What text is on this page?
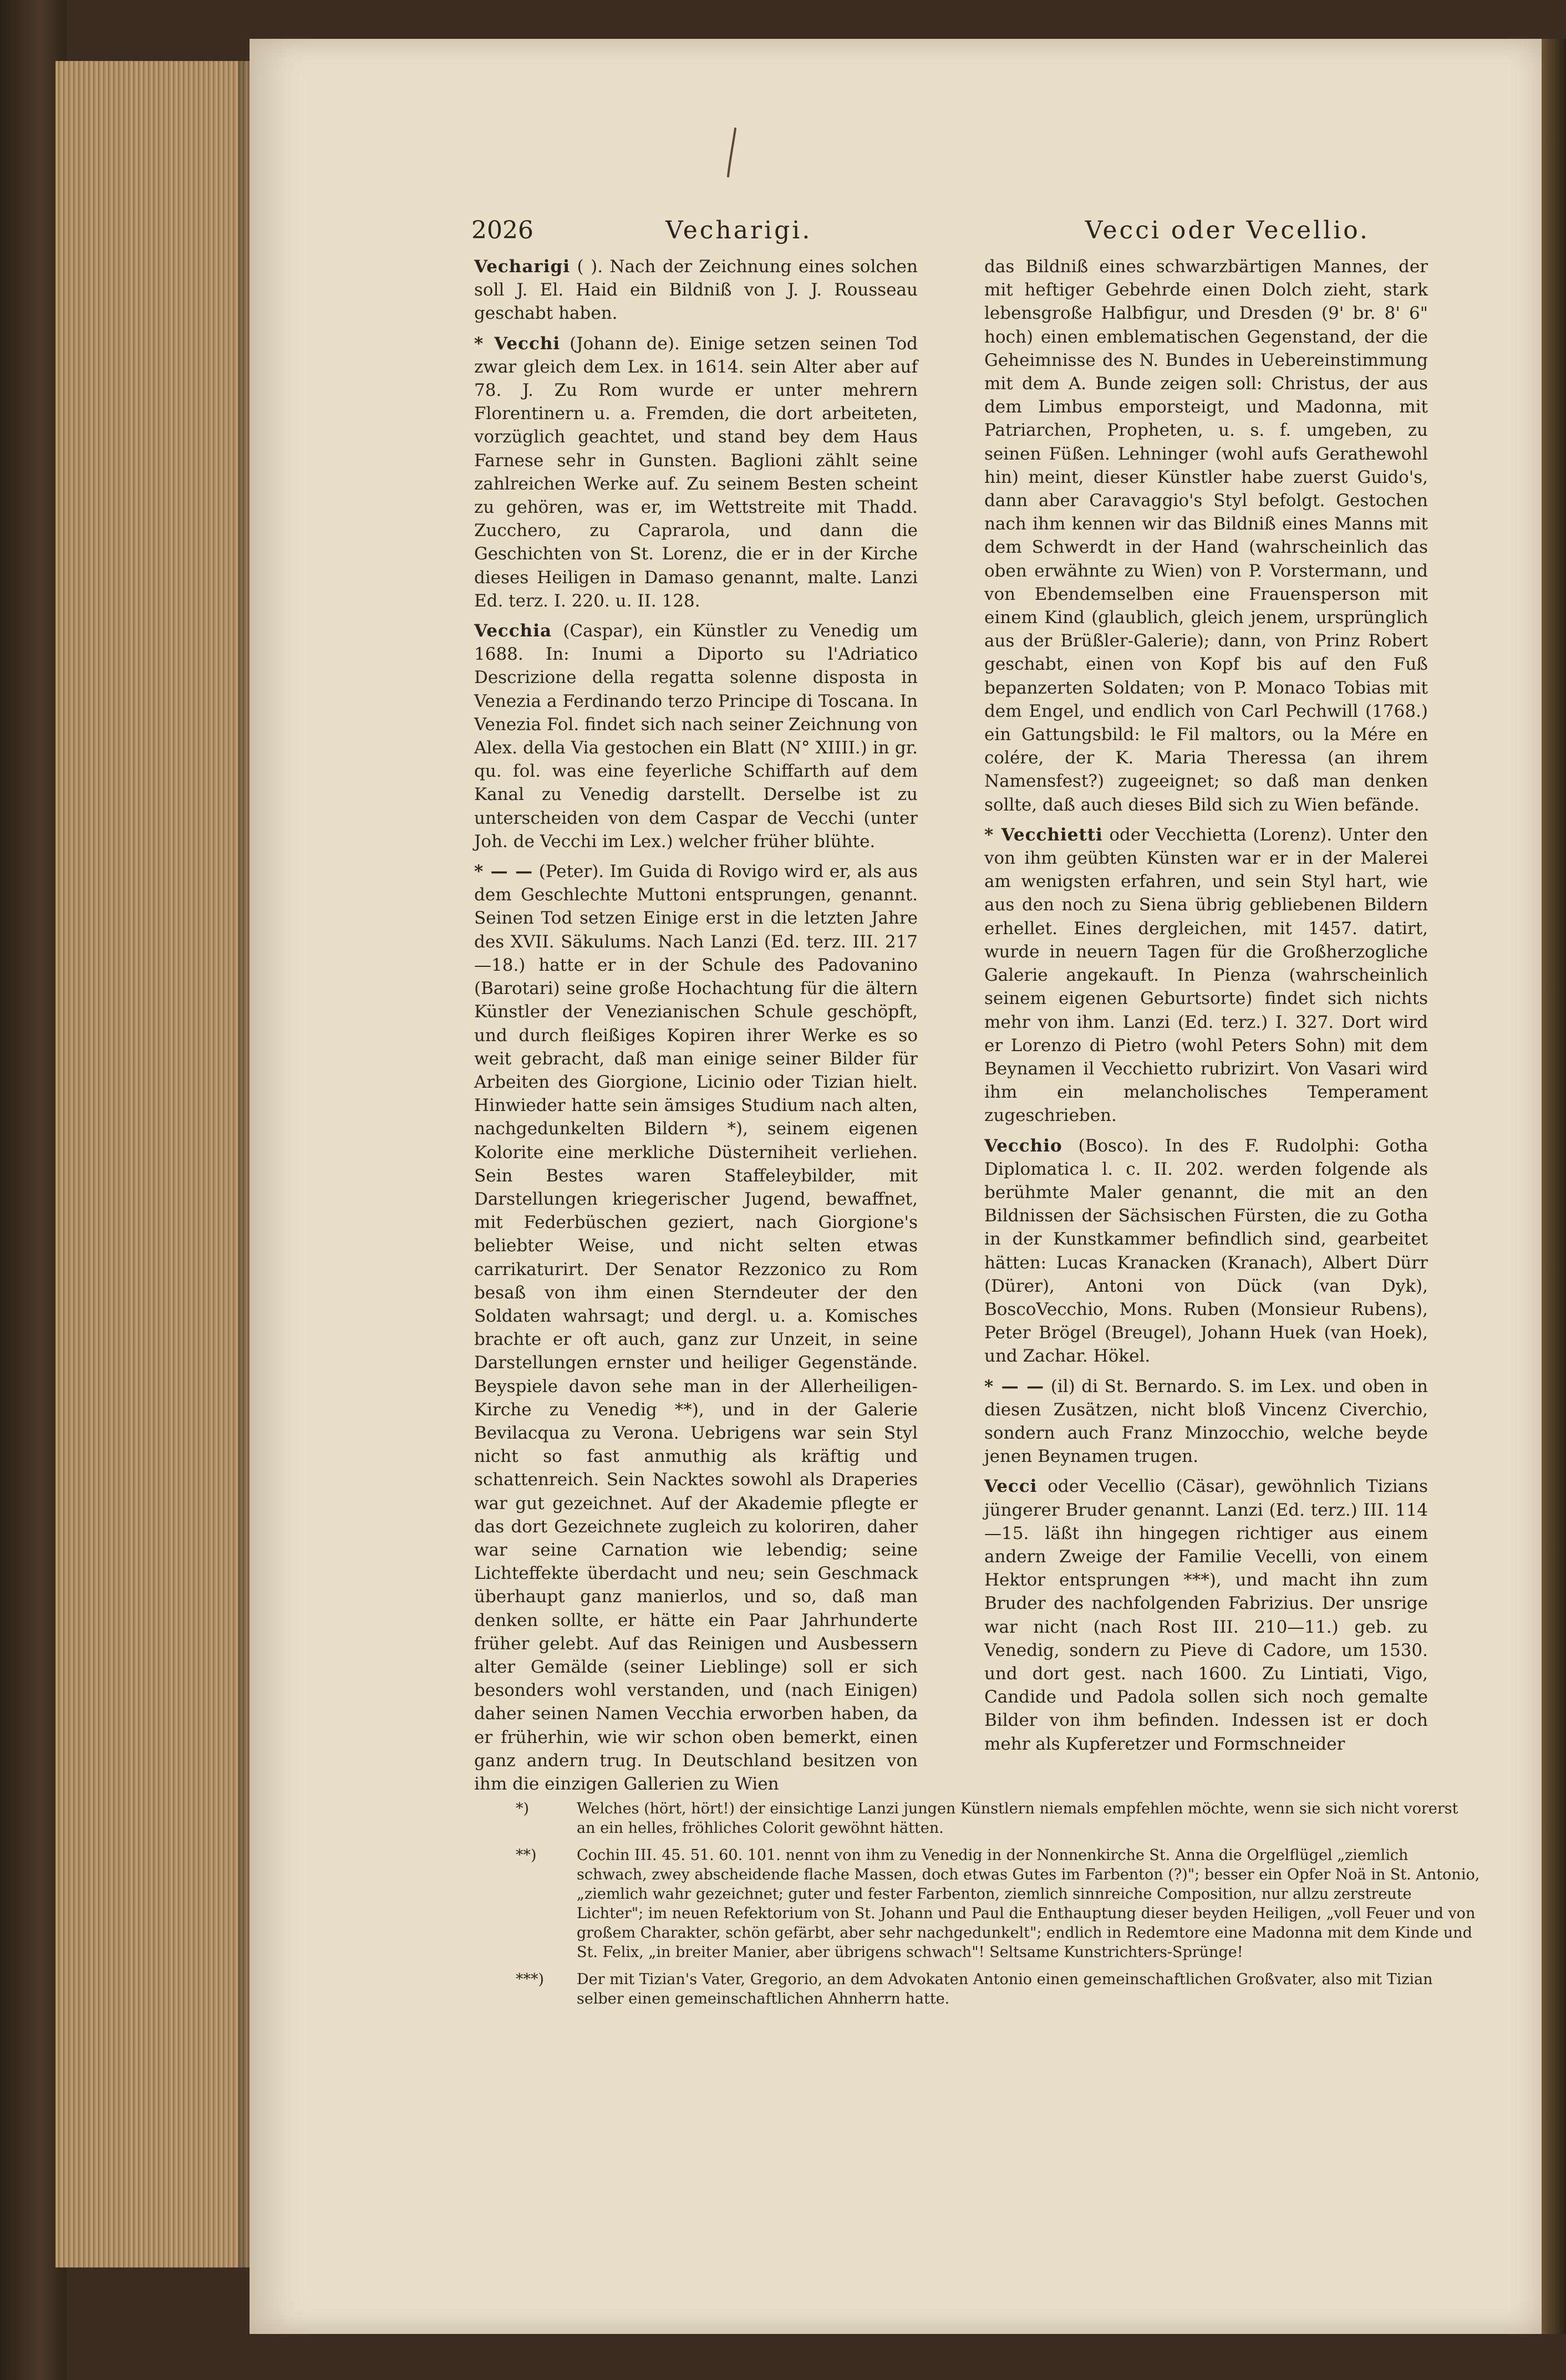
2026	Vecharigi.	Vecci oder Vecellio.

Vecharigi ( ). Nach der Zeichnung eines solchen soll J. El. Haid ein Bildniß von J. J. Rousseau geschabt haben.

* Vecchi (Johann de). Einige setzen seinen Tod zwar gleich dem Lex. in 1614. sein Alter aber auf 78. J. Zu Rom wurde er unter mehrern Florentinern u. a. Fremden, die dort arbeiteten, vorzüglich geachtet, und stand bey dem Haus Farnese sehr in Gunsten. Baglioni zählt seine zahlreichen Werke auf. Zu seinem Besten scheint zu gehören, was er, im Wettstreite mit Thadd. Zucchero, zu Caprarola, und dann die Geschichten von St. Lorenz, die er in der Kirche dieses Heiligen in Damaso genannt, malte. Lanzi Ed. terz. I. 220. u. II. 128.

Vecchia (Caspar), ein Künstler zu Venedig um 1688. In: Inumi a Diporto su l'Adriatico Descrizione della regatta solenne disposta in Venezia a Ferdinando terzo Principe di Toscana. In Venezia Fol. findet sich nach seiner Zeichnung von Alex. della Via gestochen ein Blatt (N° XIIII.) in gr. qu. fol. was eine feyerliche Schiffarth auf dem Kanal zu Venedig darstellt. Derselbe ist zu unterscheiden von dem Caspar de Vecchi (unter Joh. de Vecchi im Lex.) welcher früher blühte.

* — — (Peter). Im Guida di Rovigo wird er, als aus dem Geschlechte Muttoni entsprungen, genannt. Seinen Tod setzen Einige erst in die letzten Jahre des XVII. Säkulums. Nach Lanzi (Ed. terz. III. 217—18.) hatte er in der Schule des Padovanino (Barotari) seine große Hochachtung für die ältern Künstler der Venezianischen Schule geschöpft, und durch fleißiges Kopiren ihrer Werke es so weit gebracht, daß man einige seiner Bilder für Arbeiten des Giorgione, Licinio oder Tizian hielt. Hinwieder hatte sein ämsiges Studium nach alten, nachgedunkelten Bildern *), seinem eigenen Kolorite eine merkliche Düsterniheit verliehen. Sein Bestes waren Staffeleybilder, mit Darstellungen kriegerischer Jugend, bewaffnet, mit Federbüschen geziert, nach Giorgione's beliebter Weise, und nicht selten etwas carrikaturirt. Der Senator Rezzonico zu Rom besaß von ihm einen Sterndeuter der den Soldaten wahrsagt; und dergl. u. a. Komisches brachte er oft auch, ganz zur Unzeit, in seine Darstellungen ernster und heiliger Gegenstände. Beyspiele davon sehe man in der Allerheiligen-Kirche zu Venedig **), und in der Galerie Bevilacqua zu Verona. Uebrigens war sein Styl nicht so fast anmuthig als kräftig und schattenreich. Sein Nacktes sowohl als Draperies war gut gezeichnet. Auf der Akademie pflegte er das dort Gezeichnete zugleich zu koloriren, daher war seine Carnation wie lebendig; seine Lichteffekte überdacht und neu; sein Geschmack überhaupt ganz manierlos, und so, daß man denken sollte, er hätte ein Paar Jahrhunderte früher gelebt. Auf das Reinigen und Ausbessern alter Gemälde (seiner Lieblinge) soll er sich besonders wohl verstanden, und (nach Einigen) daher seinen Namen Vecchia erworben haben, da er früherhin, wie wir schon oben bemerkt, einen ganz andern trug. In Deutschland besitzen von ihm die einzigen Gallerien zu Wien

das Bildniß eines schwarzbärtigen Mannes, der mit heftiger Gebehrde einen Dolch zieht, stark lebensgroße Halbfigur, und Dresden (9' br. 8' 6" hoch) einen emblematischen Gegenstand, der die Geheimnisse des N. Bundes in Uebereinstimmung mit dem A. Bunde zeigen soll: Christus, der aus dem Limbus emporsteigt, und Madonna, mit Patriarchen, Propheten, u. s. f. umgeben, zu seinen Füßen. Lehninger (wohl aufs Gerathewohl hin) meint, dieser Künstler habe zuerst Guido's, dann aber Caravaggio's Styl befolgt. Gestochen nach ihm kennen wir das Bildniß eines Manns mit dem Schwerdt in der Hand (wahrscheinlich das oben erwähnte zu Wien) von P. Vorstermann, und von Ebendemselben eine Frauensperson mit einem Kind (glaublich, gleich jenem, ursprünglich aus der Brüßler-Galerie); dann, von Prinz Robert geschabt, einen von Kopf bis auf den Fuß bepanzerten Soldaten; von P. Monaco Tobias mit dem Engel, und endlich von Carl Pechwill (1768.) ein Gattungsbild: le Fil maltors, ou la Mére en colére, der K. Maria Theressa (an ihrem Namensfest?) zugeeignet; so daß man denken sollte, daß auch dieses Bild sich zu Wien befände.

* Vecchietti oder Vecchietta (Lorenz). Unter den von ihm geübten Künsten war er in der Malerei am wenigsten erfahren, und sein Styl hart, wie aus den noch zu Siena übrig gebliebenen Bildern erhellet. Eines dergleichen, mit 1457. datirt, wurde in neuern Tagen für die Großherzogliche Galerie angekauft. In Pienza (wahrscheinlich seinem eigenen Geburtsorte) findet sich nichts mehr von ihm. Lanzi (Ed. terz.) I. 327. Dort wird er Lorenzo di Pietro (wohl Peters Sohn) mit dem Beynamen il Vecchietto rubrizirt. Von Vasari wird ihm ein melancholisches Temperament zugeschrieben.

Vecchio (Bosco). In des F. Rudolphi: Gotha Diplomatica l. c. II. 202. werden folgende als berühmte Maler genannt, die mit an den Bildnissen der Sächsischen Fürsten, die zu Gotha in der Kunstkammer befindlich sind, gearbeitet hätten: Lucas Kranacken (Kranach), Albert Dürr (Dürer), Antoni von Dück (van Dyk), BoscoVecchio, Mons. Ruben (Monsieur Rubens), Peter Brögel (Breugel), Johann Huek (van Hoek), und Zachar. Hökel.

* — — (il) di St. Bernardo. S. im Lex. und oben in diesen Zusätzen, nicht bloß Vincenz Civerchio, sondern auch Franz Minzocchio, welche beyde jenen Beynamen trugen.

Vecci oder Vecellio (Cäsar), gewöhnlich Tizians jüngerer Bruder genannt. Lanzi (Ed. terz.) III. 114—15. läßt ihn hingegen richtiger aus einem andern Zweige der Familie Vecelli, von einem Hektor entsprungen ***), und macht ihn zum Bruder des nachfolgenden Fabrizius. Der unsrige war nicht (nach Rost III. 210—11.) geb. zu Venedig, sondern zu Pieve di Cadore, um 1530. und dort gest. nach 1600. Zu Lintiati, Vigo, Candide und Padola sollen sich noch gemalte Bilder von ihm befinden. Indessen ist er doch mehr als Kupferetzer und Formschneider

*)	Welches (hört, hört!) der einsichtige Lanzi jungen Künstlern niemals empfehlen möchte, wenn sie sich nicht vorerst an ein helles, fröhliches Colorit gewöhnt hätten.
**)	Cochin III. 45. 51. 60. 101. nennt von ihm zu Venedig in der Nonnenkirche St. Anna die Orgelflügel „ziemlich schwach, zwey abscheidende flache Massen, doch etwas Gutes im Farbenton (?)"; besser ein Opfer Noä in St. Antonio, „ziemlich wahr gezeichnet; guter und fester Farbenton, ziemlich sinnreiche Composition, nur allzu zerstreute Lichter"; im neuen Refektorium von St. Johann und Paul die Enthauptung dieser beyden Heiligen, „voll Feuer und von großem Charakter, schön gefärbt, aber sehr nachgedunkelt"; endlich in Redemtore eine Madonna mit dem Kinde und St. Felix, „in breiter Manier, aber übrigens schwach"! Seltsame Kunstrichters-Sprünge!
***) Der mit Tizian's Vater, Gregorio, an dem Advokaten Antonio einen gemeinschaftlichen Großvater, also mit Tizian selber einen gemeinschaftlichen Ahnherrn hatte.
